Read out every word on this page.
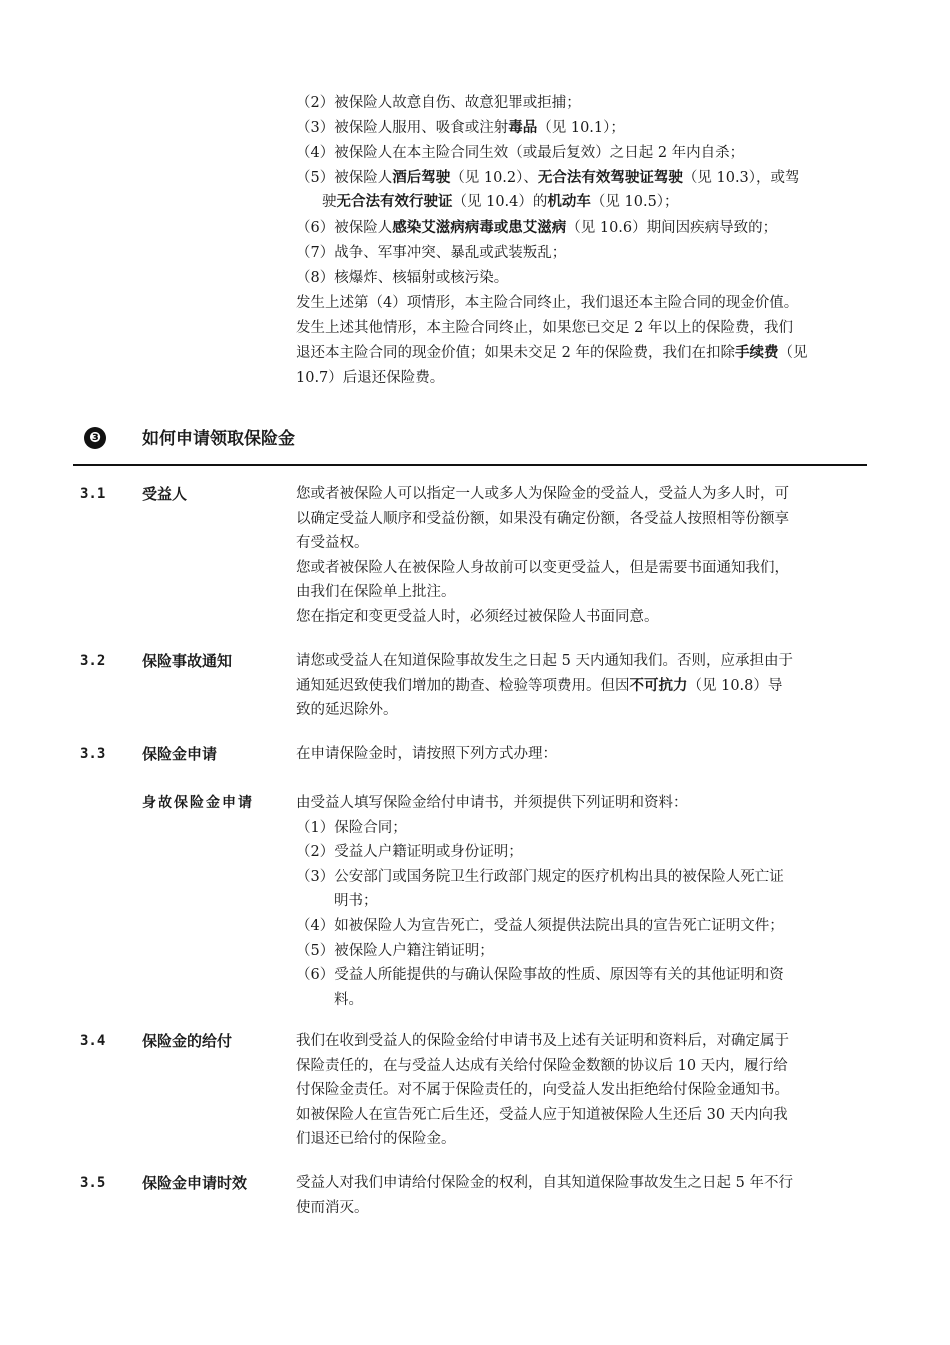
（2）被保险人故意自伤、故意犯罪或拒捕；
（3）被保险人服用、吸食或注射毒品（见 10.1）；
（4）被保险人在本主险合同生效（或最后复效）之日起 2 年内自杀；
（5）被保险人酒后驾驶（见 10.2）、无合法有效驾驶证驾驶（见 10.3），或驾
驶无合法有效行驶证（见 10.4）的机动车（见 10.5）；
（6）被保险人感染艾滋病病毒或患艾滋病（见 10.6）期间因疾病导致的；
（7）战争、军事冲突、暴乱或武装叛乱；
（8）核爆炸、核辐射或核污染。
发生上述第（4）项情形，本主险合同终止，我们退还本主险合同的现金价值。
发生上述其他情形，本主险合同终止，如果您已交足 2 年以上的保险费，我们
退还本主险合同的现金价值；如果未交足 2 年的保险费，我们在扣除手续费（见
10.7）后退还保险费。
❸ 如何申请领取保险金
3.1 受益人	您或者被保险人可以指定一人或多人为保险金的受益人，受益人为多人时，可
以确定受益人顺序和受益份额，如果没有确定份额，各受益人按照相等份额享
有受益权。
您或者被保险人在被保险人身故前可以变更受益人，但是需要书面通知我们，
由我们在保险单上批注。
您在指定和变更受益人时，必须经过被保险人书面同意。
3.2 保险事故通知	请您或受益人在知道保险事故发生之日起 5 天内通知我们。否则，应承担由于
通知延迟致使我们增加的勘查、检验等项费用。但因不可抗力（见 10.8）导
致的延迟除外。
3.3 保险金申请	在申请保险金时，请按照下列方式办理：
身故保险金申请	由受益人填写保险金给付申请书，并须提供下列证明和资料：
（1）保险合同；
（2）受益人户籍证明或身份证明；
（3）公安部门或国务院卫生行政部门规定的医疗机构出具的被保险人死亡证
明书；
（4）如被保险人为宣告死亡，受益人须提供法院出具的宣告死亡证明文件；
（5）被保险人户籍注销证明；
（6）受益人所能提供的与确认保险事故的性质、原因等有关的其他证明和资
料。
3.4 保险金的给付	我们在收到受益人的保险金给付申请书及上述有关证明和资料后，对确定属于
保险责任的，在与受益人达成有关给付保险金数额的协议后 10 天内，履行给
付保险金责任。对不属于保险责任的，向受益人发出拒绝给付保险金通知书。
如被保险人在宣告死亡后生还，受益人应于知道被保险人生还后 30 天内向我
们退还已给付的保险金。
3.5 保险金申请时效	受益人对我们申请给付保险金的权利，自其知道保险事故发生之日起 5 年不行
使而消灭。
